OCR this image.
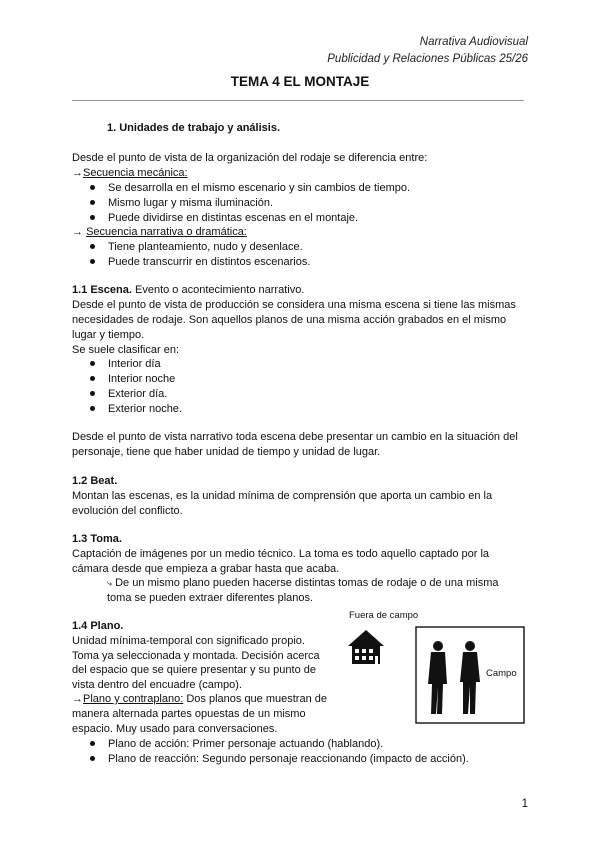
Narrativa Audiovisual
Publicidad y Relaciones Públicas 25/26
TEMA 4 EL MONTAJE
1. Unidades de trabajo y análisis.
Desde el punto de vista de la organización del rodaje se diferencia entre:
→Secuencia mecánica:
Se desarrolla en el mismo escenario y sin cambios de tiempo.
Mismo lugar y misma iluminación.
Puede dividirse en distintas escenas en el montaje.
→ Secuencia narrativa o dramática:
Tiene planteamiento, nudo y desenlace.
Puede transcurrir en distintos escenarios.
1.1 Escena. Evento o acontecimiento narrativo.
Desde el punto de vista de producción se considera una misma escena si tiene las mismas
necesidades de rodaje. Son aquellos planos de una misma acción grabados en el mismo
lugar y tiempo.
Se suele clasificar en:
Interior día
Interior noche
Exterior día.
Exterior noche.
Desde el punto de vista narrativo toda escena debe presentar un cambio en la situación del
personaje, tiene que haber unidad de tiempo y unidad de lugar.
1.2 Beat.
Montan las escenas, es la unidad mínima de comprensión que aporta un cambio en la
evolución del conflicto.
1.3 Toma.
Captación de imágenes por un medio técnico. La toma es todo aquello captado por la
cámara desde que empieza a grabar hasta que acaba.
⤷ De un mismo plano pueden hacerse distintas tomas de rodaje o de una misma
toma se pueden extraer diferentes planos.
1.4 Plano.
Unidad mínima-temporal con significado propio.
Toma ya seleccionada y montada. Decisión acerca
del espacio que se quiere presentar y su punto de
vista dentro del encuadre (campo).
→Plano y contraplano: Dos planos que muestran de
manera alternada partes opuestas de un mismo
espacio. Muy usado para conversaciones.
Plano de acción: Primer personaje actuando (hablando).
Plano de reacción: Segundo personaje reaccionando (impacto de acción).
Fuera de campo
Campo
1
